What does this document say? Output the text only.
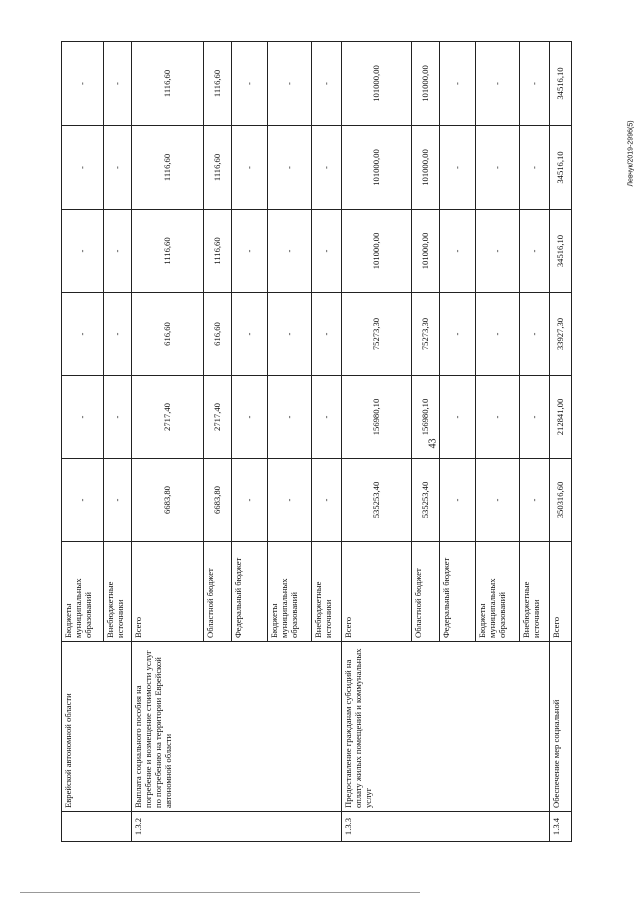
	Еврейской автономной области	Бюджеты муниципальных образований	-	-	-	-	-	-
		Внебюджетные источники	-	-	-	-	-	-
1.3.2	Выплата социального пособия на погребение и возмещение стоимости услуг по погребению на территории Еврейской автономной области	Всего	6683,80	2717,40	616,60	1116,60	1116,60	1116,60
		Областной бюджет	6683,80	2717,40	616,60	1116,60	1116,60	1116,60
		Федеральный бюджет	-	-	-	-	-	-
		Бюджеты муниципальных образований	-	-	-	-	-	-
		Внебюджетные источники	-	-	-	-	-	-
1.3.3	Предоставление гражданам субсидий на оплату жилых помещений и коммунальных услуг	Всего	535253,40	156980,10	75273,30	101000,00	101000,00	101000,00
		Областной бюджет	535253,40	156980,10	75273,30	101000,00	101000,00	101000,00
		Федеральный бюджет	-	-	-	-	-	-
		Бюджеты муниципальных образований	-	-	-	-	-	-
		Внебюджетные источники	-	-	-	-	-	-
1.3.4	Обеспечение мер социальной	Всего	350316,60	212841,00	33927,30	34516,10	34516,10	34516,10
43
Левчук/2019-2996(5)
